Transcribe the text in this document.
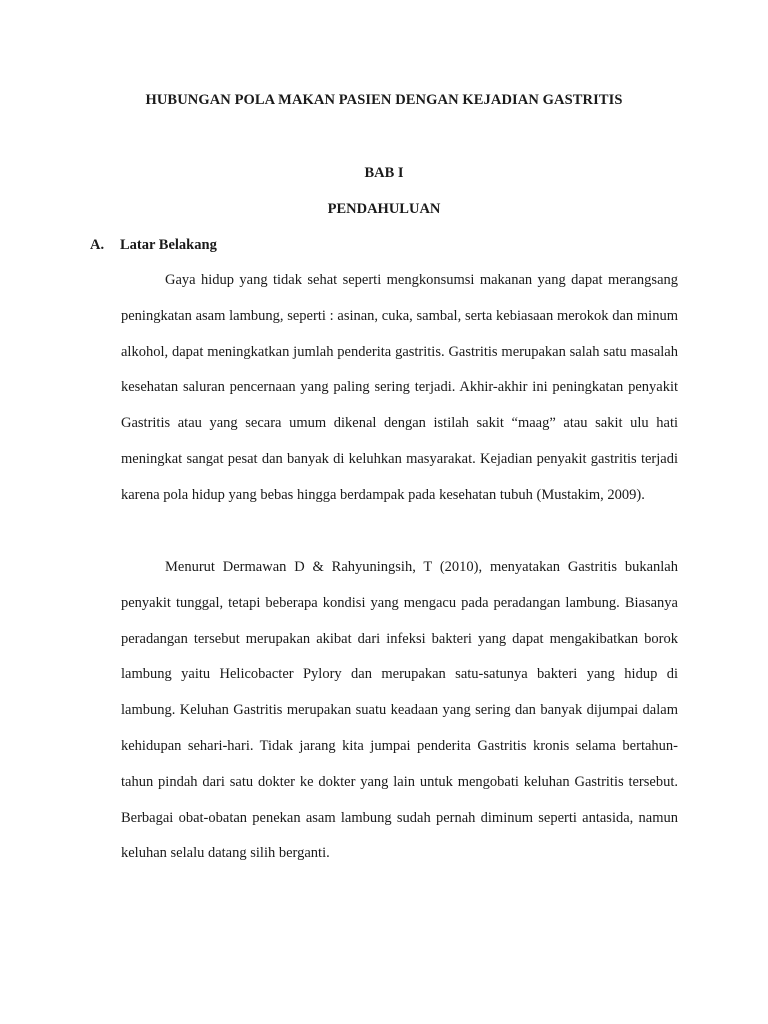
HUBUNGAN POLA MAKAN PASIEN DENGAN KEJADIAN GASTRITIS
BAB I
PENDAHULUAN
A. Latar Belakang

Gaya hidup yang tidak sehat seperti mengkonsumsi makanan yang dapat merangsang peningkatan asam lambung, seperti : asinan, cuka, sambal, serta kebiasaan merokok dan minum alkohol, dapat meningkatkan jumlah penderita gastritis. Gastritis merupakan salah satu masalah kesehatan saluran pencernaan yang paling sering terjadi. Akhir-akhir ini peningkatan penyakit Gastritis atau yang secara umum dikenal dengan istilah sakit “maag” atau sakit ulu hati meningkat sangat pesat dan banyak di keluhkan masyarakat. Kejadian penyakit gastritis terjadi karena pola hidup yang bebas hingga berdampak pada kesehatan tubuh (Mustakim, 2009).

Menurut Dermawan D & Rahyuningsih, T (2010), menyatakan Gastritis bukanlah penyakit tunggal, tetapi beberapa kondisi yang mengacu pada peradangan lambung. Biasanya peradangan tersebut merupakan akibat dari infeksi bakteri yang dapat mengakibatkan borok lambung yaitu Helicobacter Pylory dan merupakan satu-satunya bakteri yang hidup di lambung. Keluhan Gastritis merupakan suatu keadaan yang sering dan banyak dijumpai dalam kehidupan sehari-hari. Tidak jarang kita jumpai penderita Gastritis kronis selama bertahun-tahun pindah dari satu dokter ke dokter yang lain untuk mengobati keluhan Gastritis tersebut. Berbagai obat-obatan penekan asam lambung sudah pernah diminum seperti antasida, namun keluhan selalu datang silih berganti.
